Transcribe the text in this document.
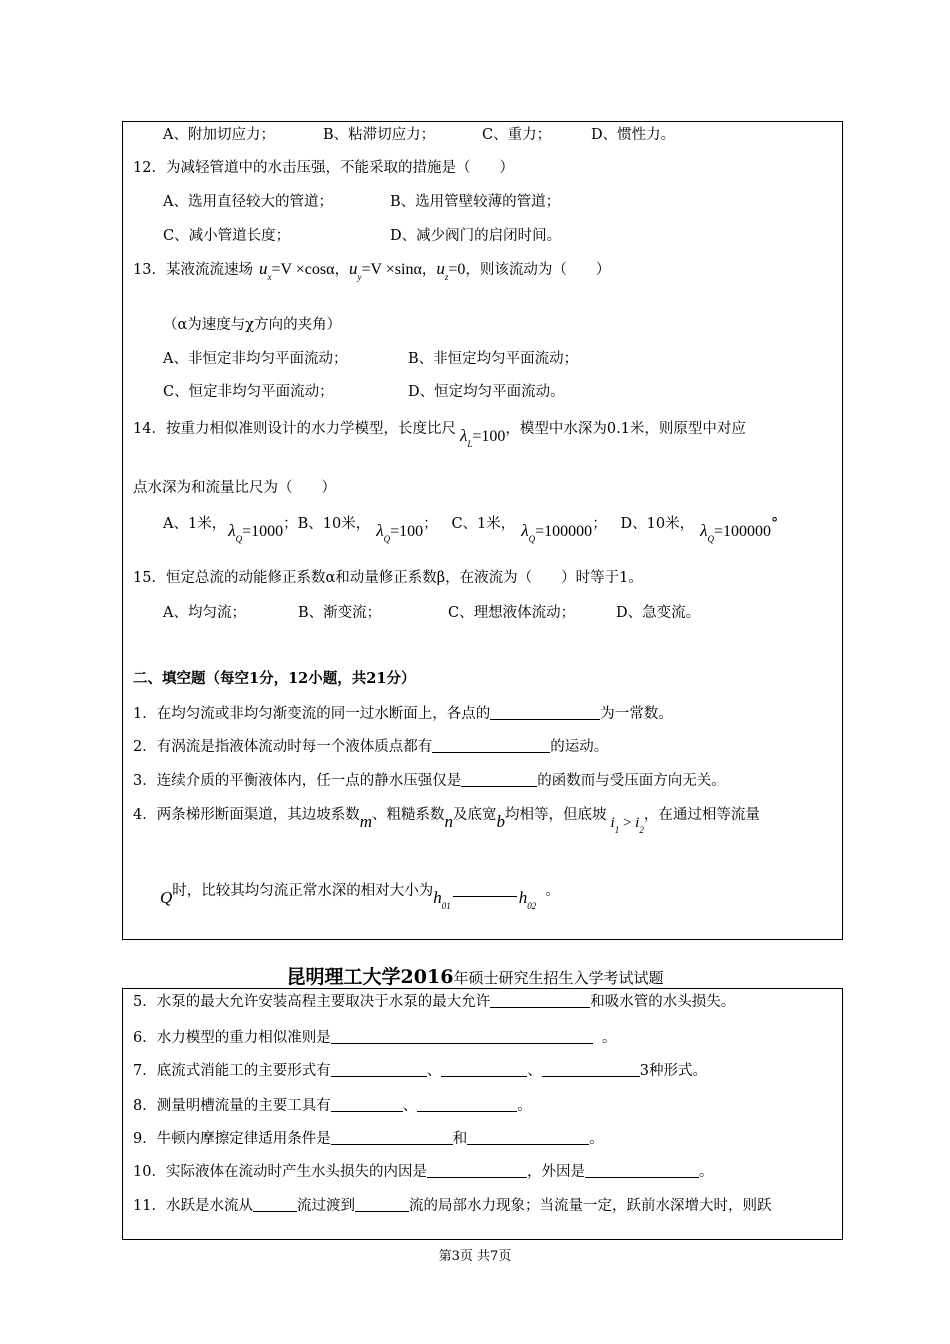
A、附加切应力；	B、粘滞切应力；	C、重力；	D、惯性力。
12．为减轻管道中的水击压强，不能采取的措施是（　　）
A、选用直径较大的管道；	B、选用管壁较薄的管道；
C、减小管道长度；	D、减少阀门的启闭时间。
13．某液流流速场 $u_x=V \times\cos\alpha$，$u_y=V \times\sin\alpha$，$u_z=0$，则该流动为（　　）
（α为速度与χ方向的夹角）
A、非恒定非均匀平面流动；	B、非恒定均匀平面流动；
C、恒定非均匀平面流动；	D、恒定均匀平面流动。
14．按重力相似准则设计的水力学模型，长度比尺 $\lambda_L=100$，模型中水深为0.1米，则原型中对应
点水深为和流量比尺为（　　）
A、1米， $\lambda_Q=1000$；B、10米， $\lambda_Q=100$；   C、1米， $\lambda_Q=100000$；   D、10米， $\lambda_Q=100000^\circ$
15．恒定总流的动能修正系数α和动量修正系数β，在液流为（　　）时等于1。
A、均匀流；	B、渐变流；	C、理想液体流动；	D、急变流。
二、填空题（每空1分，12小题，共21分）
1．在均匀流或非均匀渐变流的同一过水断面上，各点的	为一常数。
2．有涡流是指液体流动时每一个液体质点都有	的运动。
3．连续介质的平衡液体内，任一点的静水压强仅是	的函数而与受压面方向无关。
4．两条梯形断面渠道，其边坡系数m、粗糙系数n及底宽b均相等，但底坡 $i_1 > i_2$，在通过相等流量
Q时，比较其均匀流正常水深的相对大小为$h_{01}$	$h_{02}$  。
昆明理工大学2016年硕士研究生招生入学考试试题
5．水泵的最大允许安装高程主要取决于水泵的最大允许	和吸水管的水头损失。
6．水力模型的重力相似准则是	。
7．底流式消能工的主要形式有	、	、	3种形式。
8．测量明槽流量的主要工具有	、	。
9．牛顿内摩擦定律适用条件是	和	。
10．实际液体在流动时产生水头损失的内因是	，外因是	。
11．水跃是水流从	流过渡到	流的局部水力现象；当流量一定，跃前水深增大时，则跃
第3页 共7页
